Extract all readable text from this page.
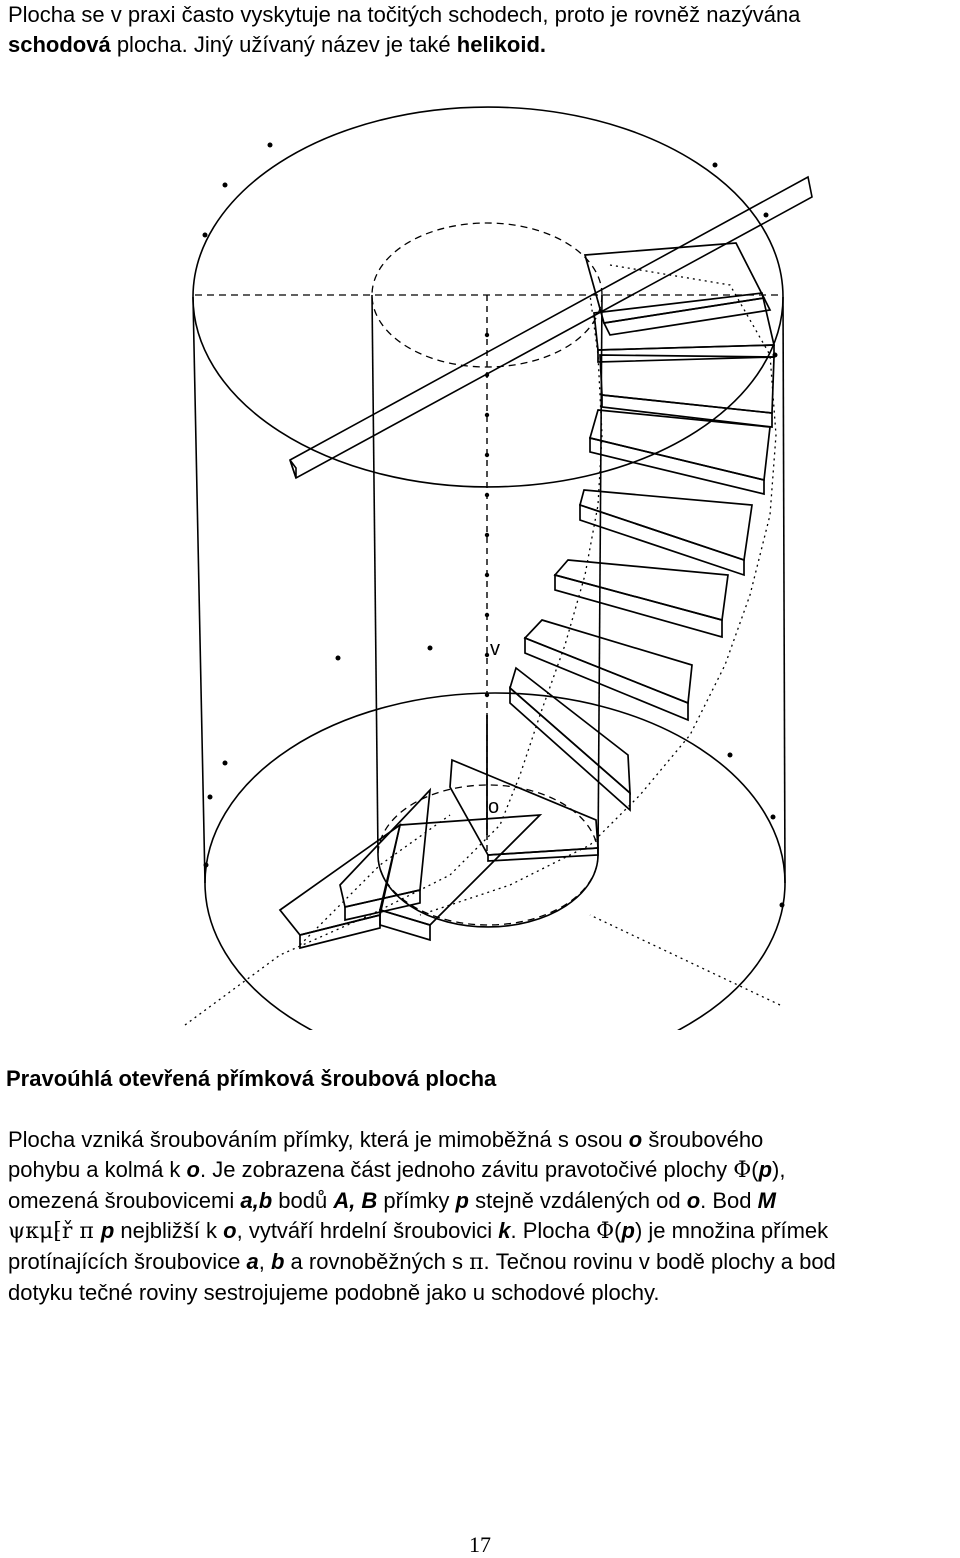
Plocha se v praxi často vyskytuje na točitých schodech, proto je rovněž nazývána
schodová plocha. Jiný užívaný název je také helikoid.
v
o
Pravoúhlá otevřená přímková šroubová plocha
Plocha vzniká šroubováním přímky, která je mimoběžná s osou o šroubového
pohybu a kolmá k o. Je zobrazena část jednoho závitu pravotočivé plochy Φ(p),
omezená šroubovicemi a,b bodů A, B přímky p stejně vzdálených od o. Bod M
ψκμ⁅ř π p nejbližší k o, vytváří hrdelní šroubovici k. Plocha Φ(p) je množina přímek
protínajících šroubovice a, b a rovnoběžných s π. Tečnou rovinu v bodě plochy a bod
dotyku tečné roviny sestrojujeme podobně jako u schodové plochy.
17
